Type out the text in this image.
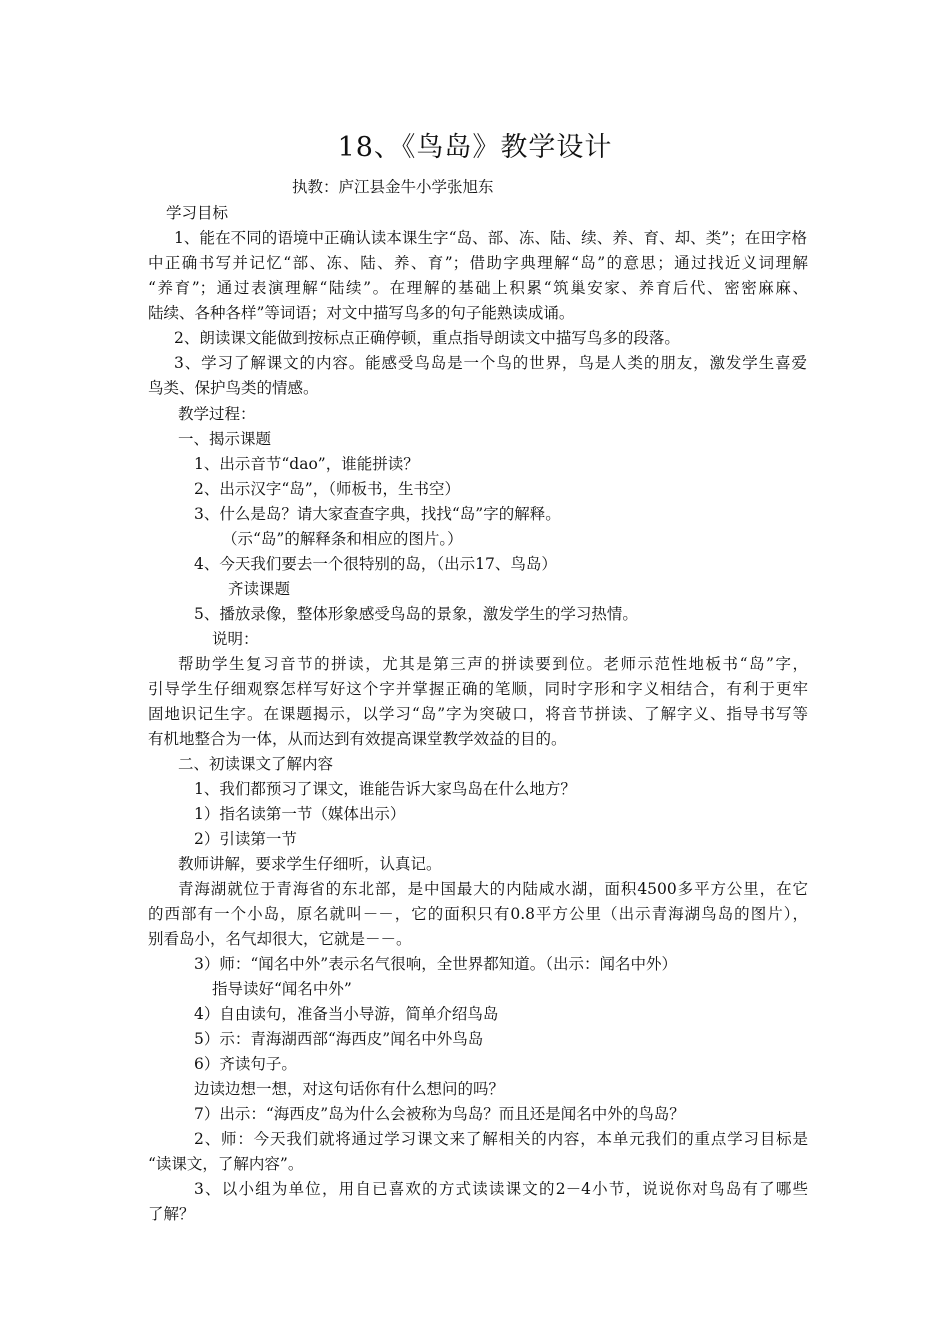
18、《鸟岛》教学设计
执教：庐江县金牛小学张旭东
学习目标
1、能在不同的语境中正确认读本课生字“岛、部、冻、陆、续、养、育、却、类”；在田字格
中正确书写并记忆“部、冻、陆、养、育”；借助字典理解“岛”的意思；通过找近义词理解
“养育”；通过表演理解“陆续”。在理解的基础上积累“筑巢安家、养育后代、密密麻麻、
陆续、各种各样”等词语；对文中描写鸟多的句子能熟读成诵。
2、朗读课文能做到按标点正确停顿，重点指导朗读文中描写鸟多的段落。
3、学习了解课文的内容。能感受鸟岛是一个鸟的世界，鸟是人类的朋友，激发学生喜爱
鸟类、保护鸟类的情感。
教学过程：
一、揭示课题
1、出示音节“dao”，谁能拼读？
2、出示汉字“岛”，（师板书，生书空）
3、什么是岛？请大家查查字典，找找“岛”字的解释。
（示“岛”的解释条和相应的图片。）
4、今天我们要去一个很特别的岛，（出示17、鸟岛）
齐读课题
5、播放录像，整体形象感受鸟岛的景象，激发学生的学习热情。
说明：
帮助学生复习音节的拼读，尤其是第三声的拼读要到位。老师示范性地板书“岛”字，
引导学生仔细观察怎样写好这个字并掌握正确的笔顺，同时字形和字义相结合，有利于更牢
固地识记生字。在课题揭示，以学习“岛”字为突破口，将音节拼读、了解字义、指导书写等
有机地整合为一体，从而达到有效提高课堂教学效益的目的。
二、初读课文了解内容
1、我们都预习了课文，谁能告诉大家鸟岛在什么地方？
1）指名读第一节（媒体出示）
2）引读第一节
教师讲解，要求学生仔细听，认真记。
青海湖就位于青海省的东北部，是中国最大的内陆咸水湖，面积4500多平方公里，在它
的西部有一个小岛，原名就叫－－，它的面积只有0.8平方公里（出示青海湖鸟岛的图片），
别看岛小，名气却很大，它就是－－。
3）师：“闻名中外”表示名气很响，全世界都知道。（出示：闻名中外）
指导读好“闻名中外”
4）自由读句，准备当小导游，简单介绍鸟岛
5）示：青海湖西部“海西皮”闻名中外鸟岛
6）齐读句子。
边读边想一想，对这句话你有什么想问的吗？
7）出示：“海西皮”岛为什么会被称为鸟岛？而且还是闻名中外的鸟岛？
2、师：今天我们就将通过学习课文来了解相关的内容，本单元我们的重点学习目标是
“读课文，了解内容”。
3、以小组为单位，用自已喜欢的方式读读课文的2－4小节，说说你对鸟岛有了哪些
了解？
